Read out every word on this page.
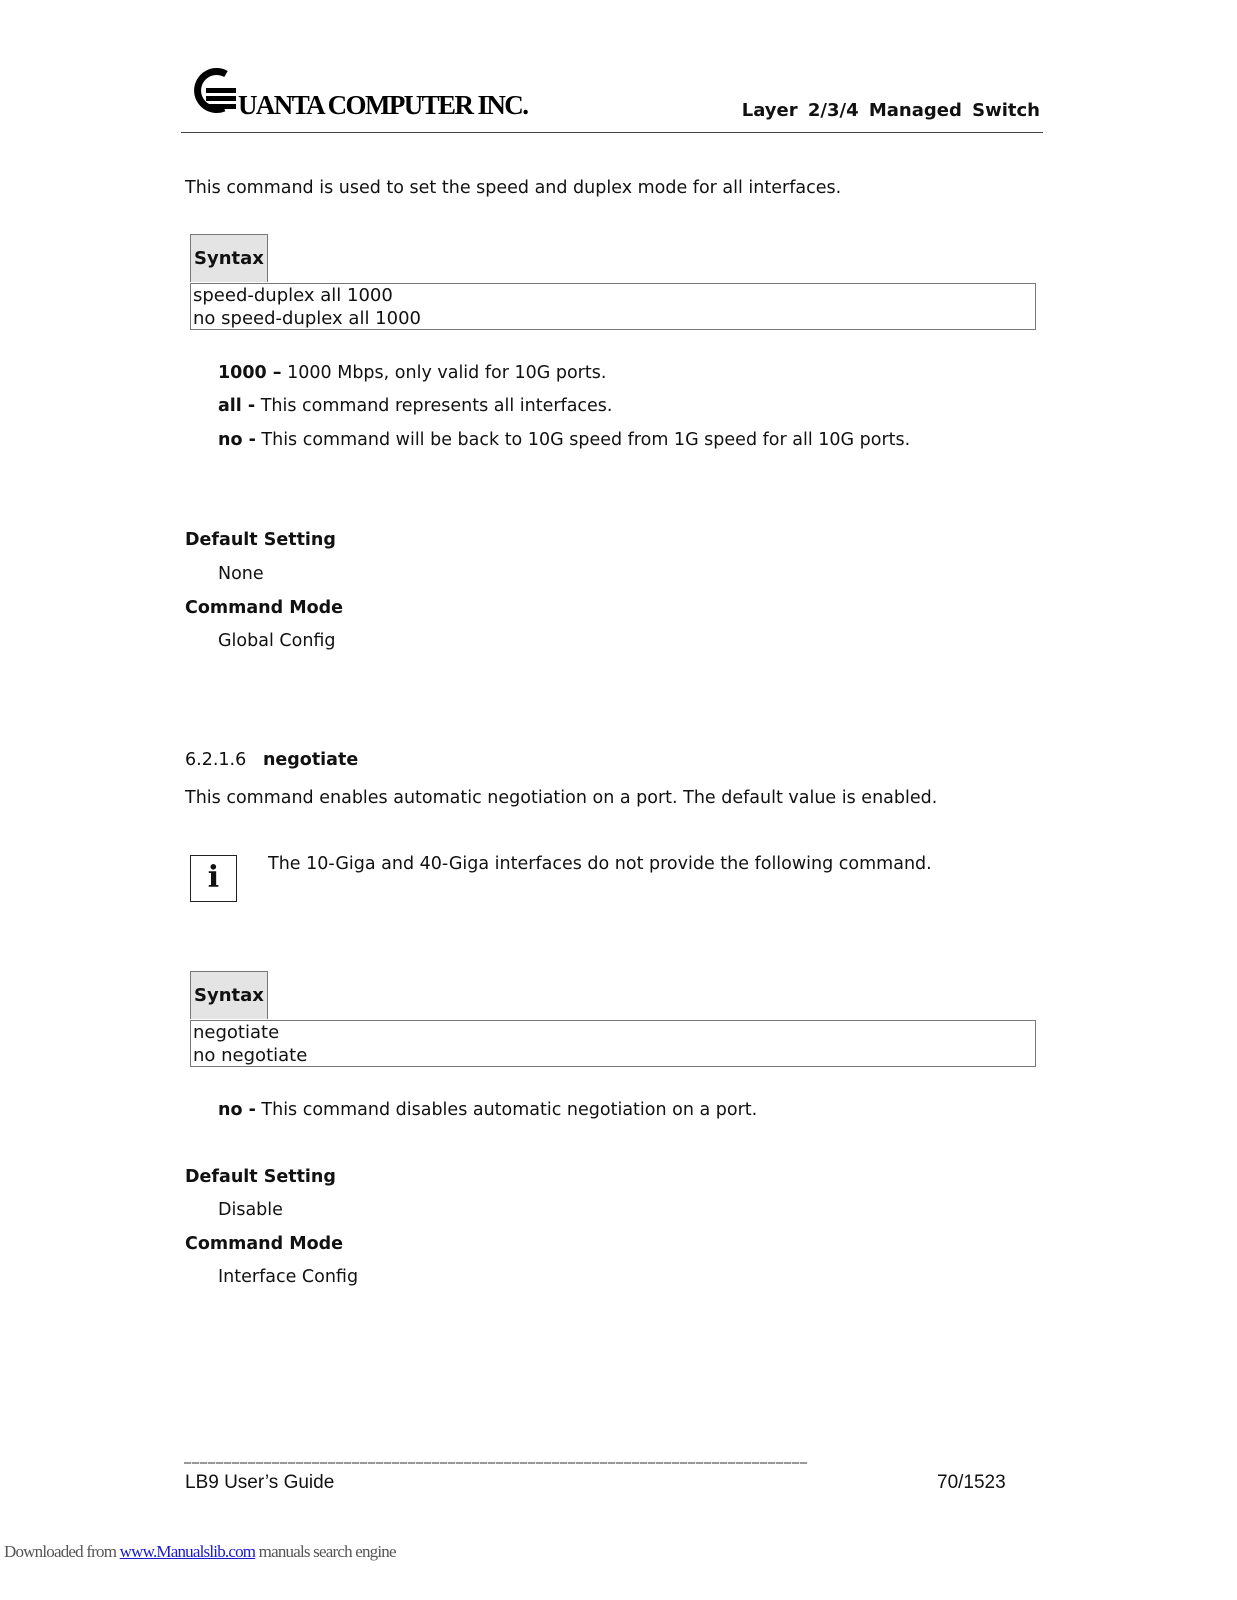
UANTA COMPUTER INC.	Layer 2/3/4 Managed Switch
This command is used to set the speed and duplex mode for all interfaces.
Syntax
speed-duplex all 1000
no speed-duplex all 1000
1000 – 1000 Mbps, only valid for 10G ports.
all - This command represents all interfaces.
no - This command will be back to 10G speed from 1G speed for all 10G ports.
Default Setting
None
Command Mode
Global Config
6.2.1.6 negotiate
This command enables automatic negotiation on a port. The default value is enabled.
i	The 10-Giga and 40-Giga interfaces do not provide the following command.
Syntax
negotiate
no negotiate
no - This command disables automatic negotiation on a port.
Default Setting
Disable
Command Mode
Interface Config
______________________________________________________________________________
LB9 User’s Guide	70/1523
Downloaded from www.Manualslib.com manuals search engine
